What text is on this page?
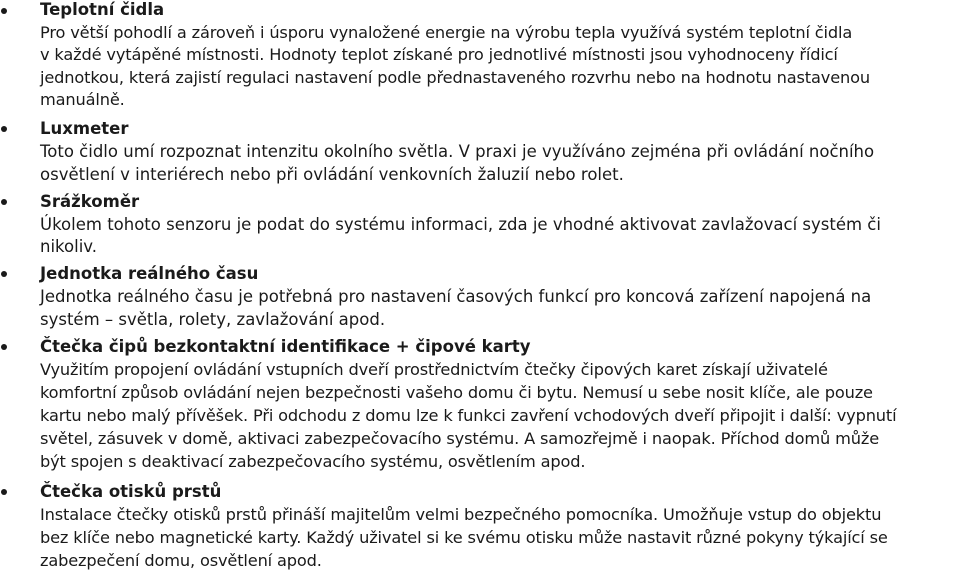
Teplotní čidla
Pro větší pohodlí a zároveň i úsporu vynaložené energie na výrobu tepla využívá systém teplotní čidla
v každé vytápěné místnosti. Hodnoty teplot získané pro jednotlivé místnosti jsou vyhodnoceny řídicí
jednotkou, která zajistí regulaci nastavení podle přednastaveného rozvrhu nebo na hodnotu nastavenou
manuálně.
Luxmeter
Toto čidlo umí rozpoznat intenzitu okolního světla. V praxi je využíváno zejména při ovládání nočního
osvětlení v interiérech nebo při ovládání venkovních žaluzií nebo rolet.
Srážkoměr
Úkolem tohoto senzoru je podat do systému informaci, zda je vhodné aktivovat zavlažovací systém či
nikoliv.
Jednotka reálného času
Jednotka reálného času je potřebná pro nastavení časových funkcí pro koncová zařízení napojená na
systém – světla, rolety, zavlažování apod.
Čtečka čipů bezkontaktní identifikace + čipové karty
Využitím propojení ovládání vstupních dveří prostřednictvím čtečky čipových karet získají uživatelé
komfortní způsob ovládání nejen bezpečnosti vašeho domu či bytu. Nemusí u sebe nosit klíče, ale pouze
kartu nebo malý přívěšek. Při odchodu z domu lze k funkci zavření vchodových dveří připojit i další: vypnutí
světel, zásuvek v domě, aktivaci zabezpečovacího systému. A samozřejmě i naopak. Příchod domů může
být spojen s deaktivací zabezpečovacího systému, osvětlením apod.
Čtečka otisků prstů
Instalace čtečky otisků prstů přináší majitelům velmi bezpečného pomocníka. Umožňuje vstup do objektu
bez klíče nebo magnetické karty. Každý uživatel si ke svému otisku může nastavit různé pokyny týkající se
zabezpečení domu, osvětlení apod.
